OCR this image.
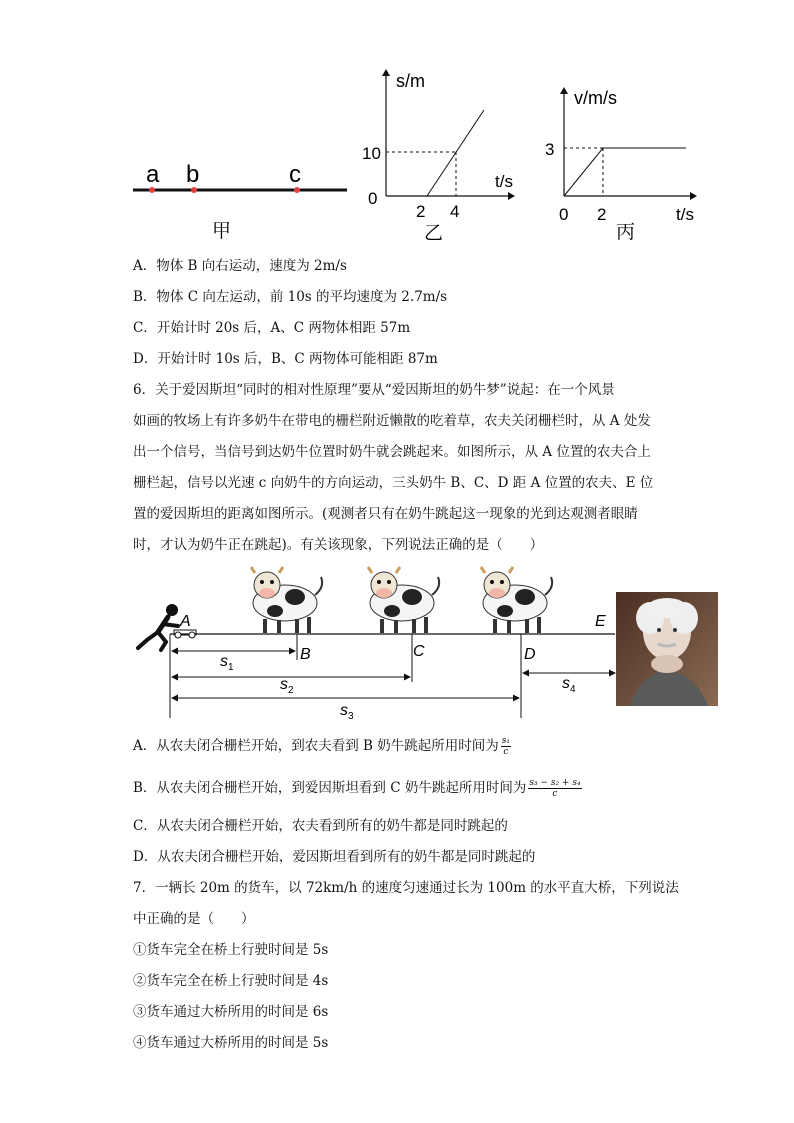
a b	c
甲
s/m
t/s
10
0
2 4
乙
v/m/s
t/s
3
0 2
丙
A．物体 B 向右运动，速度为 2m/s
B．物体 C 向左运动，前 10s 的平均速度为 2.7m/s
C．开始计时 20s 后，A、C 两物体相距 57m
D．开始计时 10s 后，B、C 两物体可能相距 87m
6．关于爱因斯坦“同时的相对性原理”要从“爱因斯坦的奶牛梦”说起：在一个风景
如画的牧场上有许多奶牛在带电的栅栏附近懒散的吃着草，农夫关闭栅栏时，从 A 处发
出一个信号，当信号到达奶牛位置时奶牛就会跳起来。如图所示，从 A 位置的农夫合上
栅栏起，信号以光速 c 向奶牛的方向运动，三头奶牛 B、C、D 距 A 位置的农夫、E 位
置的爱因斯坦的距离如图所示。(观测者只有在奶牛跳起这一现象的光到达观测者眼睛
时，才认为奶牛正在跳起)。有关该现象，下列说法正确的是（　　）
A
B	C	D
E
$s_1$
$s_2$
$s_3$
$s_4$
A．从农夫闭合栅栏开始，到农夫看到 B 奶牛跳起所用时间为 $\frac{\text{s₁}}{c}$
B．从农夫闭合栅栏开始，到爱因斯坦看到 C 奶牛跳起所用时间为 $\frac{\text{s₃ − s₂ + s₄}}{c}$
C．从农夫闭合栅栏开始，农夫看到所有的奶牛都是同时跳起的
D．从农夫闭合栅栏开始，爱因斯坦看到所有的奶牛都是同时跳起的
7．一辆长 20m 的货车，以 72km/h 的速度匀速通过长为 100m 的水平直大桥，下列说法
中正确的是（　　）
①货车完全在桥上行驶时间是 5s
②货车完全在桥上行驶时间是 4s
③货车通过大桥所用的时间是 6s
④货车通过大桥所用的时间是 5s
